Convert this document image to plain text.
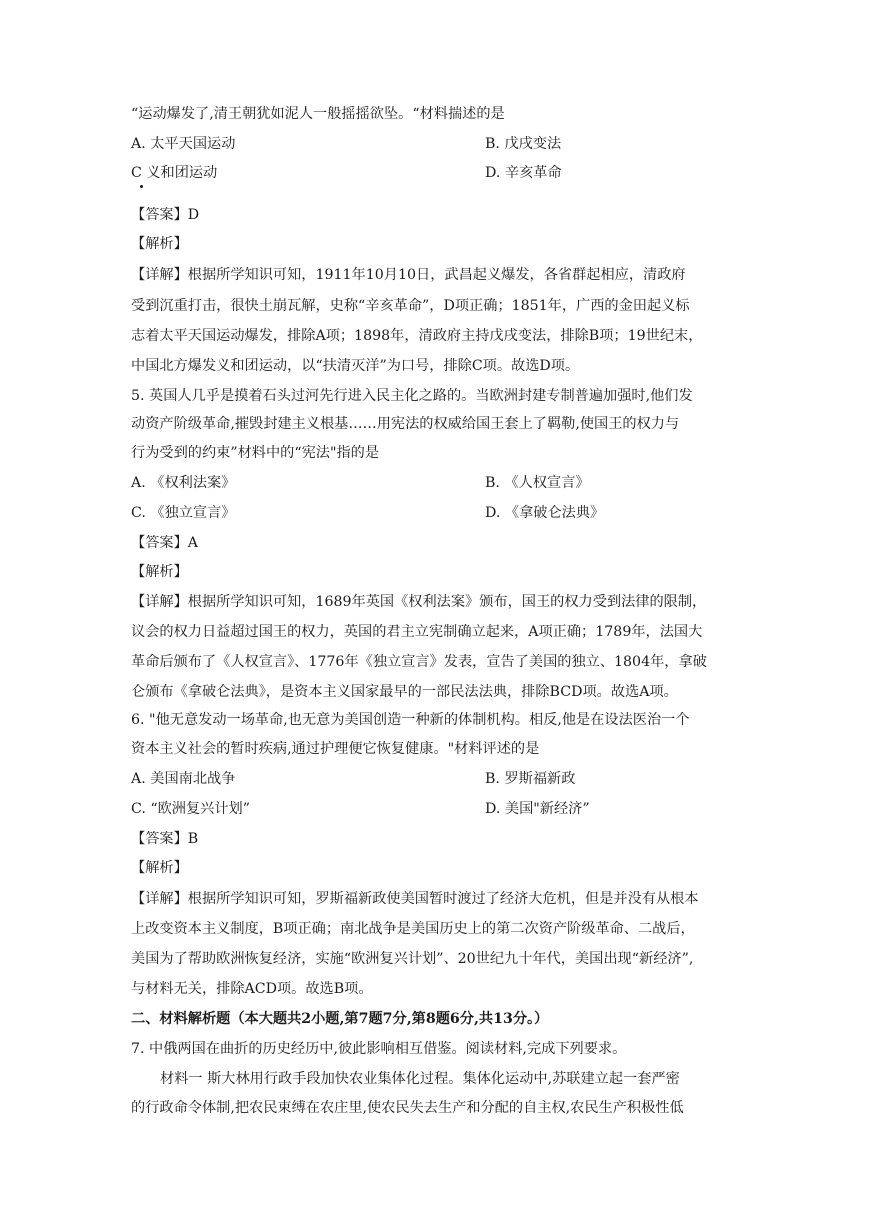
“运动爆发了,清王朝犹如泥人一般摇摇欲坠。“材料揣述的是
A. 太平天国运动	B. 戊戌变法
C 义和团运动	D. 辛亥革命
【答案】D
【解析】
【详解】根据所学知识可知，1911年10月10日，武昌起义爆发，各省群起相应，清政府
受到沉重打击，很快土崩瓦解，史称“辛亥革命”，D项正确；1851年，广西的金田起义标
志着太平天国运动爆发，排除A项；1898年，清政府主持戊戌变法，排除B项；19世纪末，
中国北方爆发义和团运动，以“扶清灭洋”为口号，排除C项。故选D项。
5. 英国人几乎是摸着石头过河先行进入民主化之路的。当欧洲封建专制普遍加强时,他们发
动资产阶级革命,摧毁封建主义根基……用宪法的权威给国王套上了羁勒,使国王的权力与
行为受到的约束”材料中的“宪法"指的是
A. 《权利法案》	B. 《人权宣言》
C. 《独立宣言》	D. 《拿破仑法典》
【答案】A
【解析】
【详解】根据所学知识可知，1689年英国《权利法案》颁布，国王的权力受到法律的限制，
议会的权力日益超过国王的权力，英国的君主立宪制确立起来，A项正确；1789年，法国大
革命后颁布了《人权宣言》、1776年《独立宣言》发表，宣告了美国的独立、1804年，拿破
仑颁布《拿破仑法典》，是资本主义国家最早的一部民法法典，排除BCD项。故选A项。
6. "他无意发动一场革命,也无意为美国创造一种新的体制机构。相反,他是在设法医治一个
资本主义社会的暂时疾病,通过护理便它恢复健康。"材料评述的是
A. 美国南北战争	B. 罗斯福新政
C. “欧洲复兴计划”	D. 美国"新经济”
【答案】B
【解析】
【详解】根据所学知识可知，罗斯福新政使美国暂时渡过了经济大危机，但是并没有从根本
上改变资本主义制度，B项正确；南北战争是美国历史上的第二次资产阶级革命、二战后，
美国为了帮助欧洲恢复经济，实施“欧洲复兴计划”、20世纪九十年代，美国出现“新经济”,
与材料无关，排除ACD项。故选B项。
二、材料解析题（本大题共2小题,第7题7分,第8题6分,共13分。）
7. 中俄两国在曲折的历史经历中,彼此影响相互借鉴。阅读材料,完成下列要求。
材料一 斯大林用行政手段加快农业集体化过程。集体化运动中,苏联建立起一套严密
的行政命令体制,把农民束缚在农庄里,使农民失去生产和分配的自主权,农民生产积极性低
